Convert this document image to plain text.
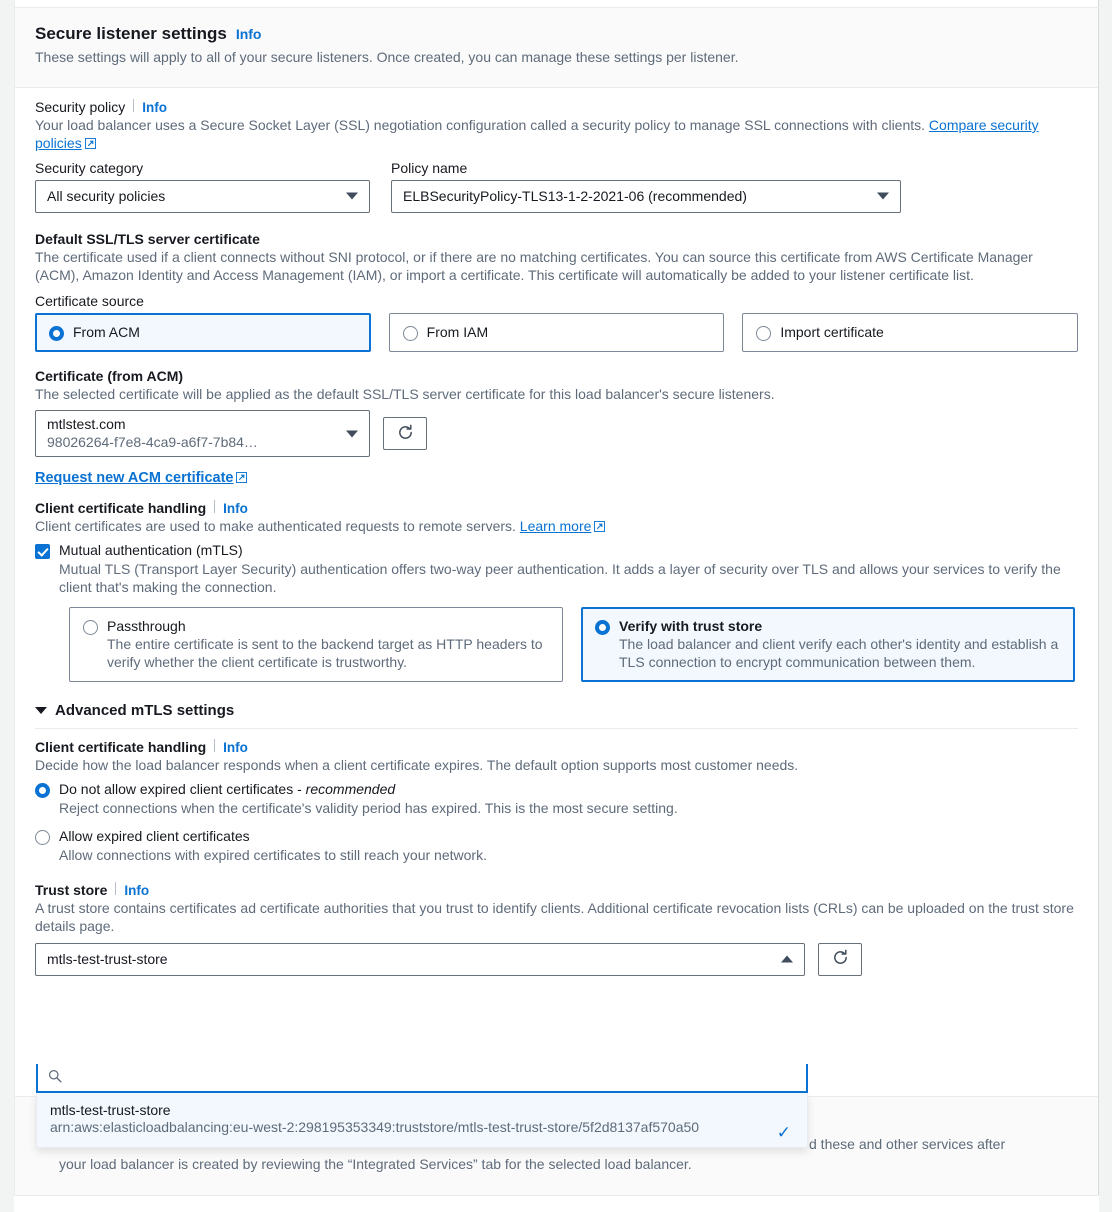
Secure listener settings Info

These settings will apply to all of your secure listeners. Once created, you can manage these settings per listener.

Security policy Info

Your load balancer uses a Secure Socket Layer (SSL) negotiation configuration called a security policy to manage SSL connections with clients. Compare security policies

Security category
All security policies
Policy name
ELBSecurityPolicy-TLS13-1-2-2021-06 (recommended)
Default SSL/TLS server certificate

The certificate used if a client connects without SNI protocol, or if there are no matching certificates. You can source this certificate from AWS Certificate Manager (ACM), Amazon Identity and Access Management (IAM), or import a certificate. This certificate will automatically be added to your listener certificate list.

Certificate source
From ACM	From IAM	Import certificate
Certificate (from ACM)

The selected certificate will be applied as the default SSL/TLS server certificate for this load balancer's secure listeners.

mtlstest.com
98026264-f7e8-4ca9-a6f7-7b84…
Request new ACM certificate
Client certificate handling Info

Client certificates are used to make authenticated requests to remote servers. Learn more

Mutual authentication (mTLS)

Mutual TLS (Transport Layer Security) authentication offers two-way peer authentication. It adds a layer of security over TLS and allows your services to verify the client that's making the connection.

Passthrough
The entire certificate is sent to the backend target as HTTP headers to verify whether the client certificate is trustworthy.
Verify with trust store
The load balancer and client verify each other's identity and establish a TLS connection to encrypt communication between them.
Advanced mTLS settings
Client certificate handling Info

Decide how the load balancer responds when a client certificate expires. The default option supports most customer needs.

Do not allow expired client certificates - recommended
Reject connections when the certificate's validity period has expired. This is the most secure setting.
Allow expired client certificates
Allow connections with expired certificates to still reach your network.
Trust store Info

A trust store contains certificates ad certificate authorities that you trust to identify clients. Additional certificate revocation lists (CRLs) can be uploaded on the trust store details page.

mtls-test-trust-store
d these and other services after
your load balancer is created by reviewing the “Integrated Services” tab for the selected load balancer.
mtls-test-trust-store
arn:aws:elasticloadbalancing:eu-west-2:298195353349:truststore/mtls-test-trust-store/5f2d8137af570a50	✓
